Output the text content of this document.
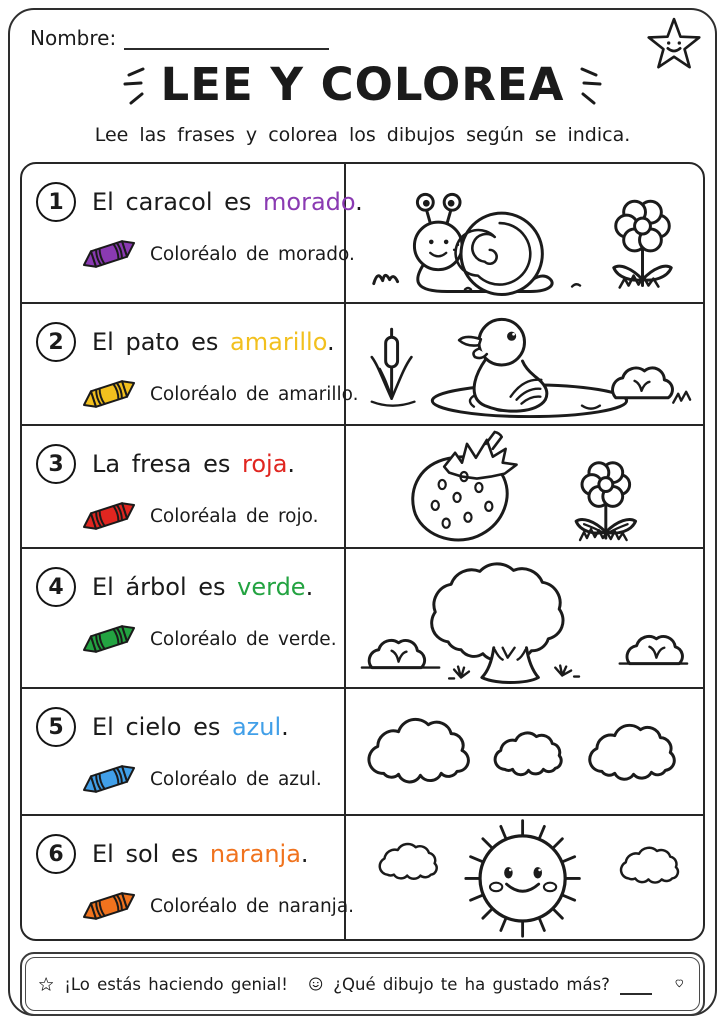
Nombre:
LEE Y COLOREA
Lee las frases y colorea los dibujos según se indica.
1	El caracol es morado.
Coloréalo de morado.
2	El pato es amarillo.
Coloréalo de amarillo.
3	La fresa es roja.
Coloréala de rojo.
4	El árbol es verde.
Coloréalo de verde.
5	El cielo es azul.
Coloréalo de azul.
6	El sol es naranja.
Coloréalo de naranja.
¡Lo estás haciendo genial!	¿Qué dibujo te ha gustado más?
